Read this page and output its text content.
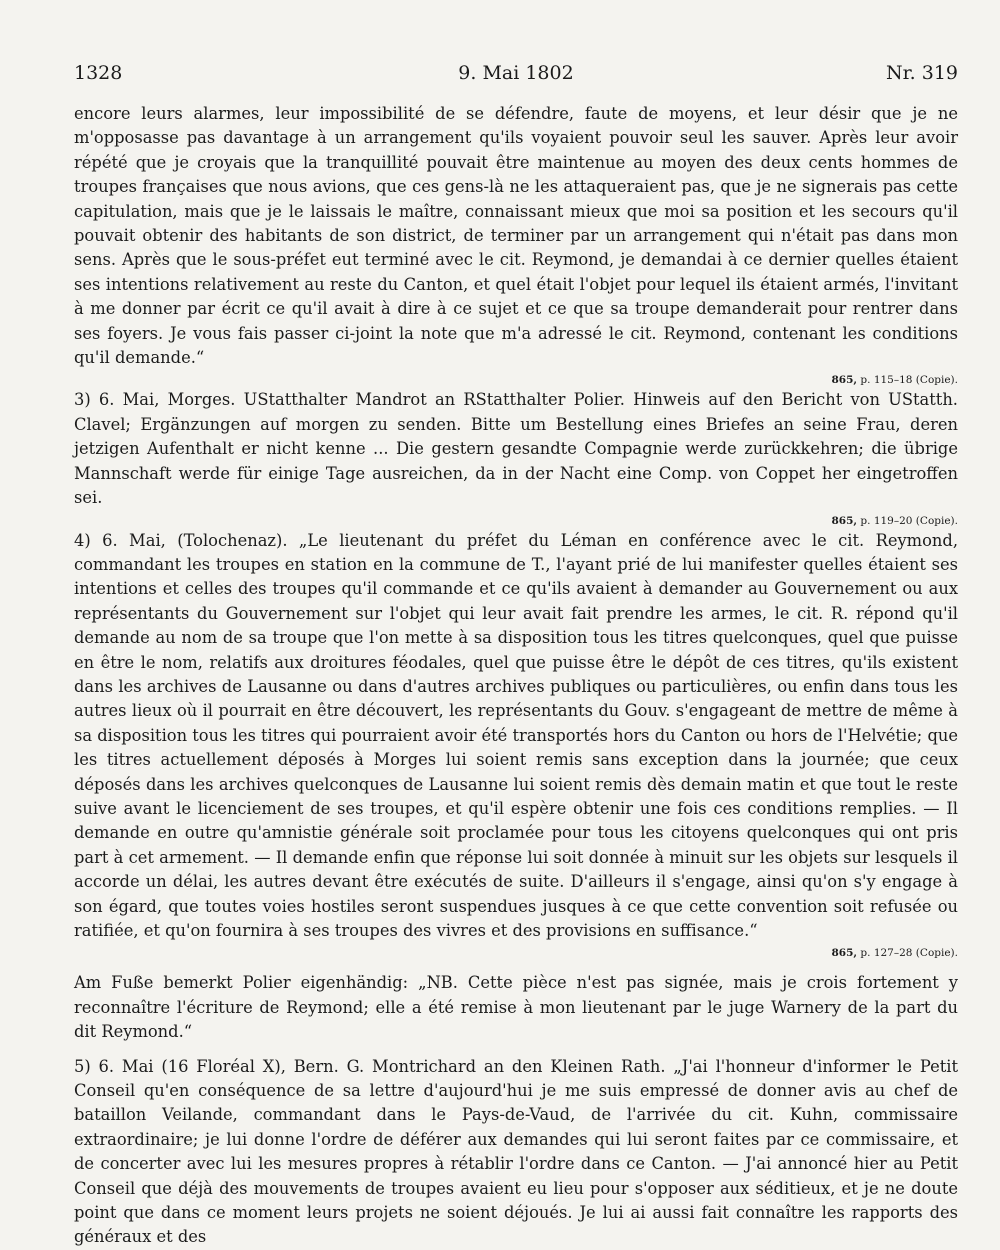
1328	9. Mai 1802	Nr. 319

encore leurs alarmes, leur impossibilité de se défendre, faute de moyens, et leur désir que je ne m'opposasse pas davantage à un arrangement qu'ils voyaient pouvoir seul les sauver. Après leur avoir répété que je croyais que la tranquillité pouvait être maintenue au moyen des deux cents hommes de troupes françaises que nous avions, que ces gens-là ne les attaqueraient pas, que je ne signerais pas cette capitulation, mais que je le laissais le maître, connaissant mieux que moi sa position et les secours qu'il pouvait obtenir des habitants de son district, de terminer par un arrangement qui n'était pas dans mon sens. Après que le sous-préfet eut terminé avec le cit. Reymond, je demandai à ce dernier quelles étaient ses intentions relativement au reste du Canton, et quel était l'objet pour lequel ils étaient armés, l'invitant à me donner par écrit ce qu'il avait à dire à ce sujet et ce que sa troupe demanderait pour rentrer dans ses foyers. Je vous fais passer ci-joint la note que m'a adressé le cit. Reymond, contenant les conditions qu'il demande.“

865, p. 115–18 (Copie).

3) 6. Mai, Morges. UStatthalter Mandrot an RStatthalter Polier. Hinweis auf den Bericht von UStatth. Clavel; Ergänzungen auf morgen zu senden. Bitte um Bestellung eines Briefes an seine Frau, deren jetzigen Aufenthalt er nicht kenne ... Die gestern gesandte Compagnie werde zurückkehren; die übrige Mannschaft werde für einige Tage ausreichen, da in der Nacht eine Comp. von Coppet her eingetroffen sei.

865, p. 119–20 (Copie).

4) 6. Mai, (Tolochenaz). „Le lieutenant du préfet du Léman en conférence avec le cit. Reymond, commandant les troupes en station en la commune de T., l'ayant prié de lui manifester quelles étaient ses intentions et celles des troupes qu'il commande et ce qu'ils avaient à demander au Gouvernement ou aux représentants du Gouvernement sur l'objet qui leur avait fait prendre les armes, le cit. R. répond qu'il demande au nom de sa troupe que l'on mette à sa disposition tous les titres quelconques, quel que puisse en être le nom, relatifs aux droitures féodales, quel que puisse être le dépôt de ces titres, qu'ils existent dans les archives de Lausanne ou dans d'autres archives publiques ou particulières, ou enfin dans tous les autres lieux où il pourrait en être découvert, les représentants du Gouv. s'engageant de mettre de même à sa disposition tous les titres qui pourraient avoir été transportés hors du Canton ou hors de l'Helvétie; que les titres actuellement déposés à Morges lui soient remis sans exception dans la journée; que ceux déposés dans les archives quelconques de Lausanne lui soient remis dès demain matin et que tout le reste suive avant le licenciement de ses troupes, et qu'il espère obtenir une fois ces conditions remplies. — Il demande en outre qu'amnistie générale soit proclamée pour tous les citoyens quelconques qui ont pris part à cet armement. — Il demande enfin que réponse lui soit donnée à minuit sur les objets sur lesquels il accorde un délai, les autres devant être exécutés de suite. D'ailleurs il s'engage, ainsi qu'on s'y engage à son égard, que toutes voies hostiles seront suspendues jusques à ce que cette convention soit refusée ou ratifiée, et qu'on fournira à ses troupes des vivres et des provisions en suffisance.“

865, p. 127–28 (Copie).

Am Fuße bemerkt Polier eigenhändig: „NB. Cette pièce n'est pas signée, mais je crois fortement y reconnaître l'écriture de Reymond; elle a été remise à mon lieutenant par le juge Warnery de la part du dit Reymond.“

5) 6. Mai (16 Floréal X), Bern. G. Montrichard an den Kleinen Rath. „J'ai l'honneur d'informer le Petit Conseil qu'en conséquence de sa lettre d'aujourd'hui je me suis empressé de donner avis au chef de bataillon Veilande, commandant dans le Pays-de-Vaud, de l'arrivée du cit. Kuhn, commissaire extraordinaire; je lui donne l'ordre de déférer aux demandes qui lui seront faites par ce commissaire, et de concerter avec lui les mesures propres à rétablir l'ordre dans ce Canton. — J'ai annoncé hier au Petit Conseil que déjà des mouvements de troupes avaient eu lieu pour s'opposer aux séditieux, et je ne doute point que dans ce moment leurs projets ne soient déjoués. Je lui ai aussi fait connaître les rapports des généraux et des
